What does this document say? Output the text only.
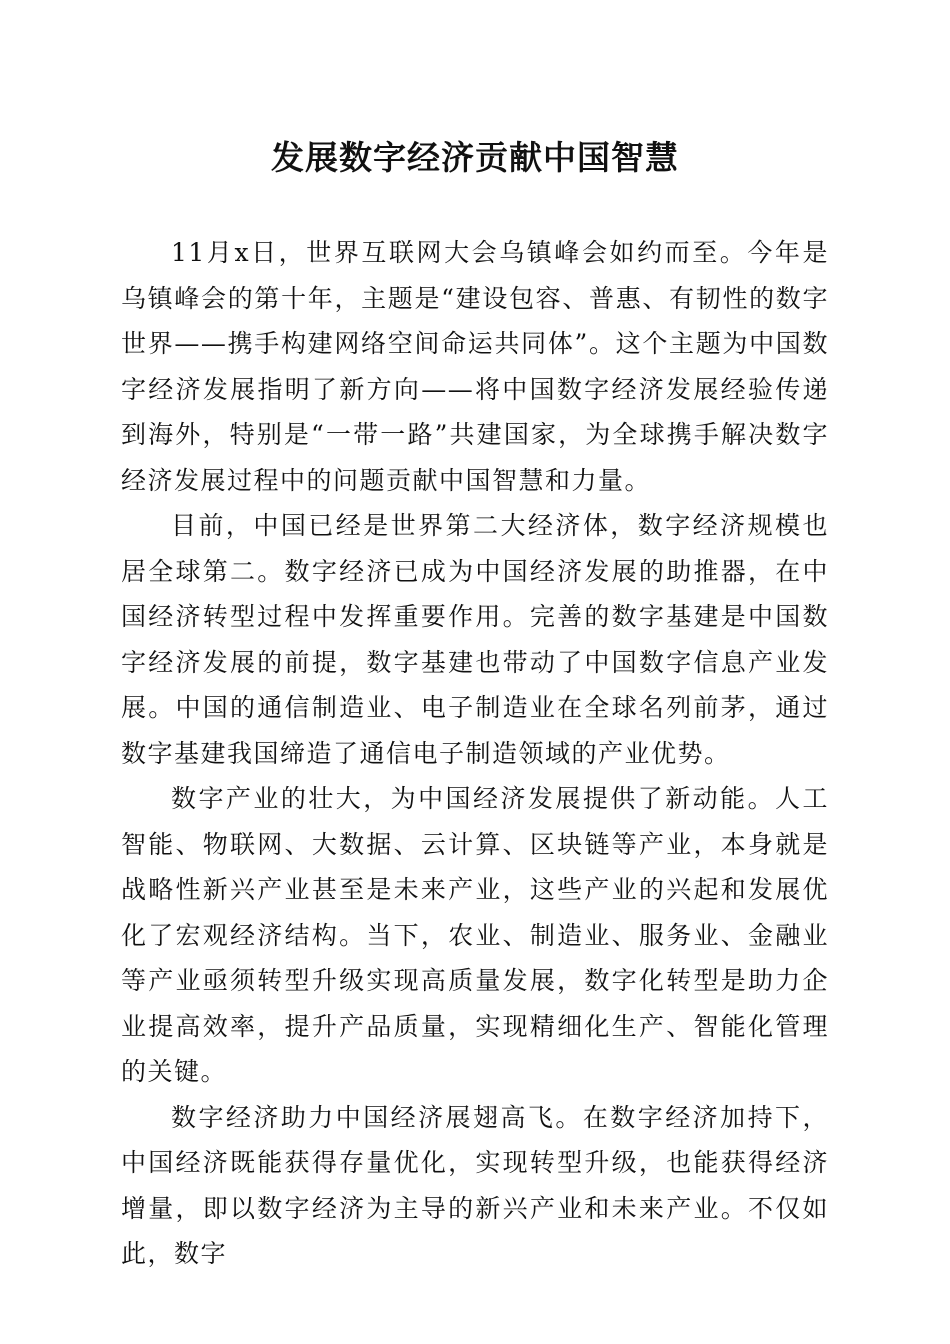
发展数字经济贡献中国智慧

11月x日，世界互联网大会乌镇峰会如约而至。今年是乌镇峰会的第十年，主题是“建设包容、普惠、有韧性的数字世界——携手构建网络空间命运共同体”。这个主题为中国数字经济发展指明了新方向——将中国数字经济发展经验传递到海外，特别是“一带一路”共建国家，为全球携手解决数字经济发展过程中的问题贡献中国智慧和力量。

目前，中国已经是世界第二大经济体，数字经济规模也居全球第二。数字经济已成为中国经济发展的助推器，在中国经济转型过程中发挥重要作用。完善的数字基建是中国数字经济发展的前提，数字基建也带动了中国数字信息产业发展。中国的通信制造业、电子制造业在全球名列前茅，通过数字基建我国缔造了通信电子制造领域的产业优势。

数字产业的壮大，为中国经济发展提供了新动能。人工智能、物联网、大数据、云计算、区块链等产业，本身就是战略性新兴产业甚至是未来产业，这些产业的兴起和发展优化了宏观经济结构。当下，农业、制造业、服务业、金融业等产业亟须转型升级实现高质量发展，数字化转型是助力企业提高效率，提升产品质量，实现精细化生产、智能化管理的关键。

数字经济助力中国经济展翅高飞。在数字经济加持下，中国经济既能获得存量优化，实现转型升级，也能获得经济增量，即以数字经济为主导的新兴产业和未来产业。不仅如此，数字
